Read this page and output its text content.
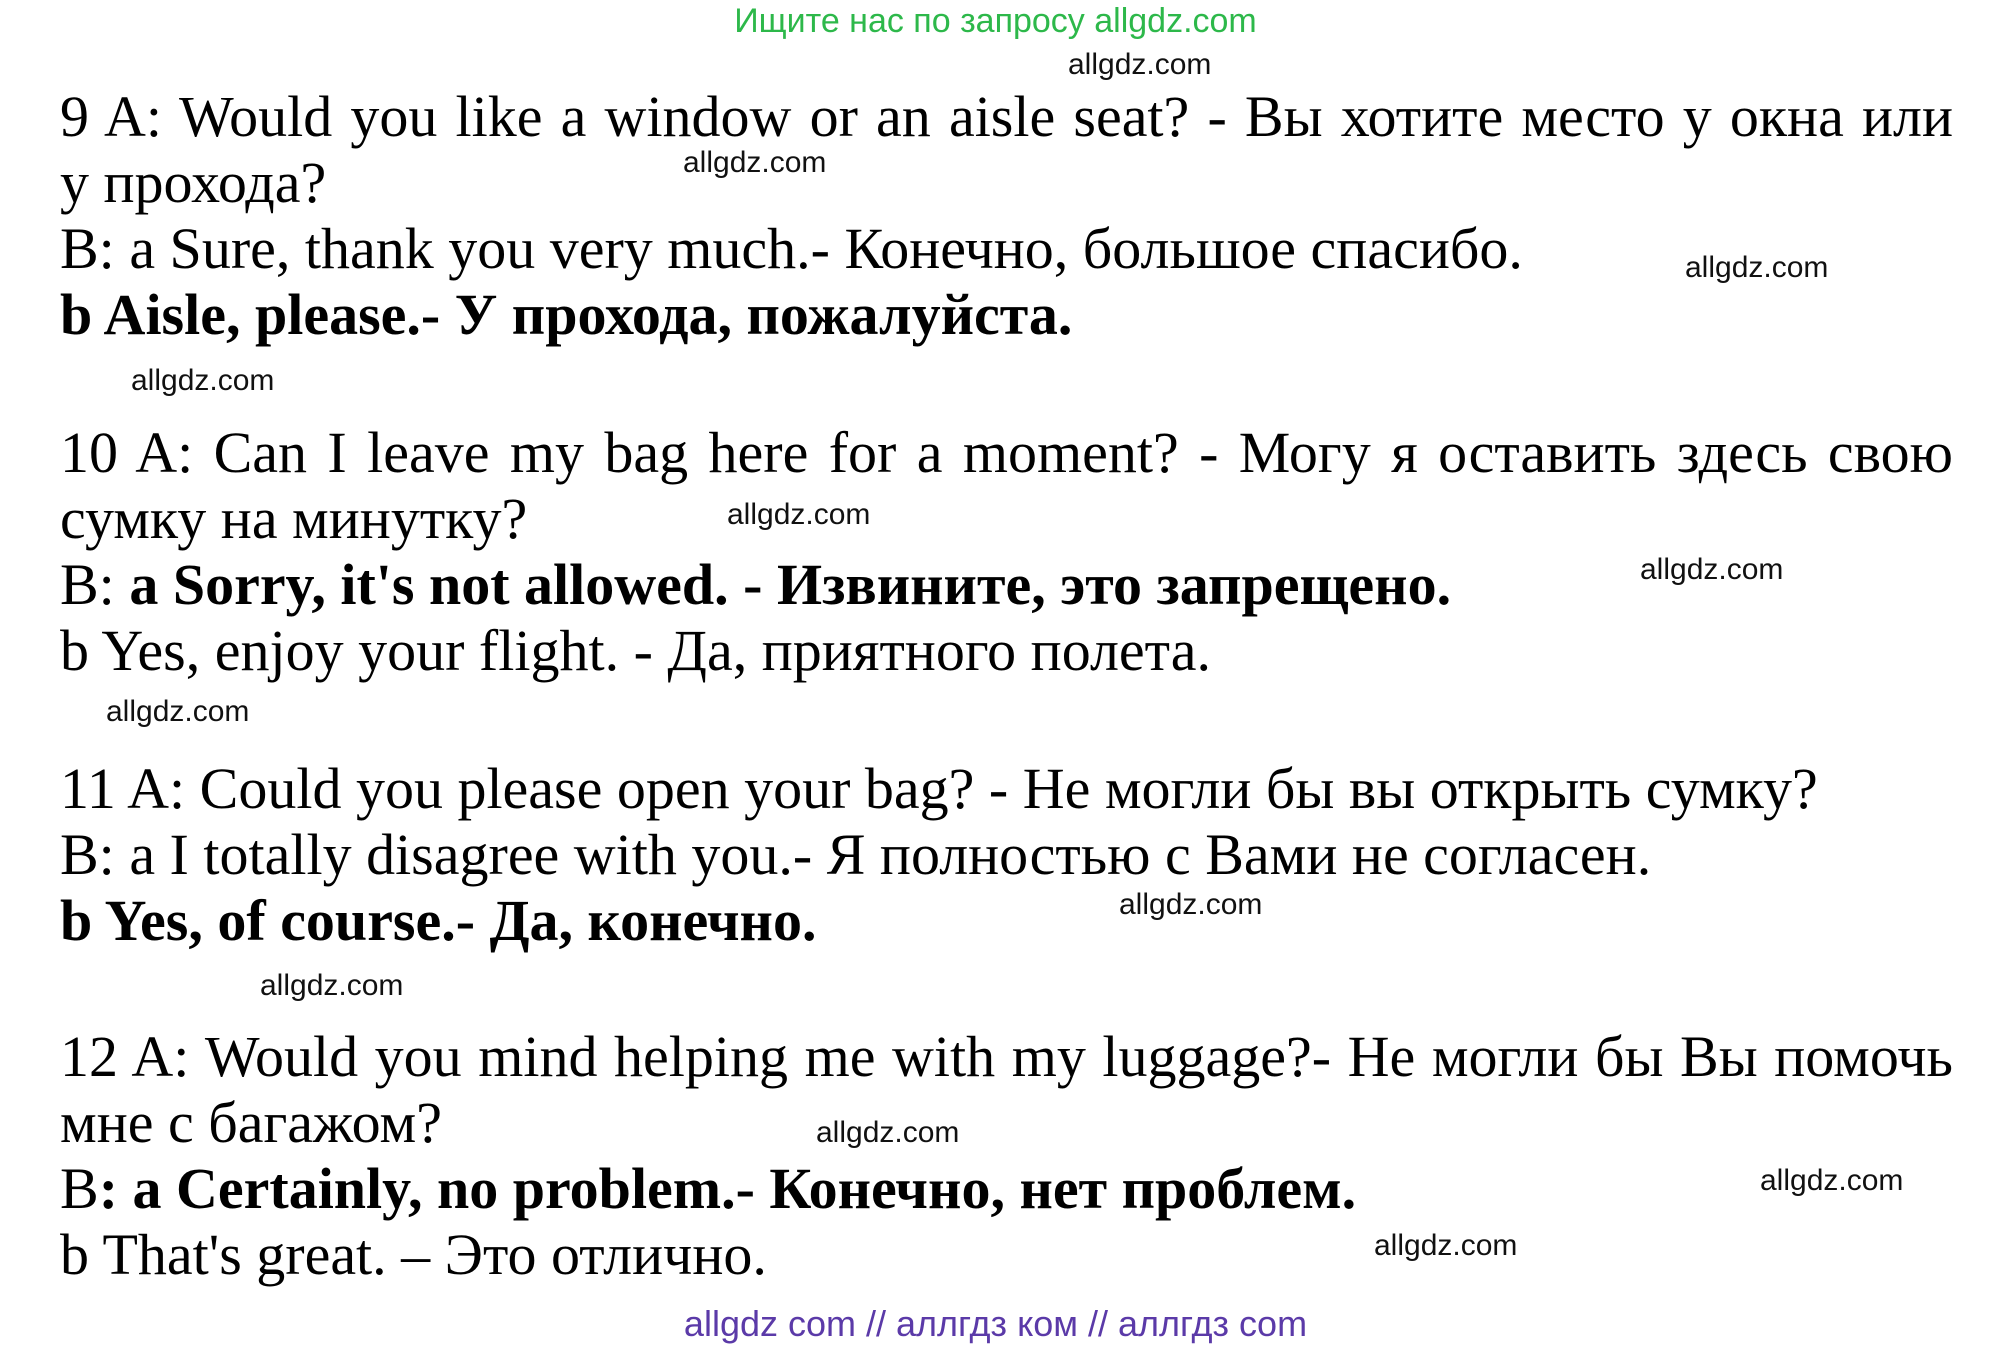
Ищите нас по запросу allgdz.com
9 A: Would you like a window or an aisle seat? - Вы хотите место у окна или
у прохода?
B: a Sure, thank you very much.- Конечно, большое спасибо.
b Aisle, please.- У прохода, пожалуйста.
10 A: Can I leave my bag here for a moment? - Могу я оставить здесь свою
сумку на минутку?
B: a Sorry, it's not allowed. - Извините, это запрещено.
b Yes, enjoy your flight. - Да, приятного полета.
11 A: Could you please open your bag? - Не могли бы вы открыть сумку?
B: a I totally disagree with you.- Я полностью с Вами не согласен.
b Yes, of course.- Да, конечно.
12 A: Would you mind helping me with my luggage?- Не могли бы Вы помочь
мне с багажом?
B: a Certainly, no problem.- Конечно, нет проблем.
b That's great. – Это отлично.
allgdz.com
allgdz.com
allgdz.com
allgdz.com
allgdz.com
allgdz.com
allgdz.com
allgdz.com
allgdz.com
allgdz.com
allgdz.com
allgdz.com
allgdz com // аллгдз ком // аллгдз com
